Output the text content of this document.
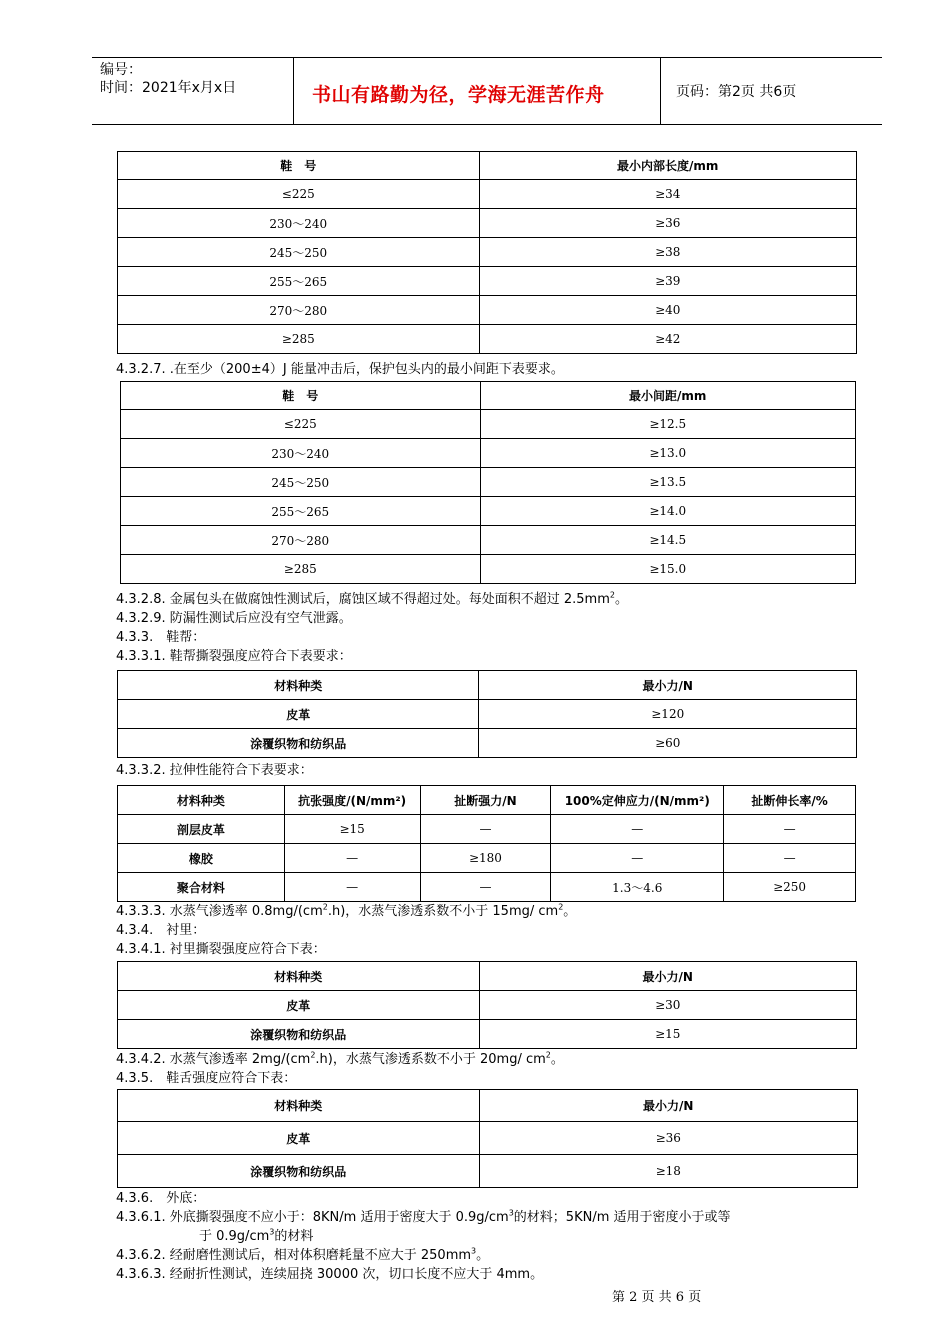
编号：
时间：2021年x月x日	书山有路勤为径，学海无涯苦作舟	页码：第2页 共6页
鞋　号	最小内部长度/mm
≤225	≥34
230～240	≥36
245～250	≥38
255～265	≥39
270～280	≥40
≥285	≥42
4.3.2.7. .在至少（200±4）J 能量冲击后，保护包头内的最小间距下表要求。
鞋　号	最小间距/mm
≤225	≥12.5
230～240	≥13.0
245～250	≥13.5
255～265	≥14.0
270～280	≥14.5
≥285	≥15.0
4.3.2.8. 金属包头在做腐蚀性测试后，腐蚀区域不得超过处。每处面积不超过 $2.5mm^2$。
4.3.2.9. 防漏性测试后应没有空气泄露。
4.3.3.　鞋帮：
4.3.3.1. 鞋帮撕裂强度应符合下表要求：
材料种类	最小力/N
皮革	≥120
涂覆织物和纺织品	≥60
4.3.3.2. 拉伸性能符合下表要求：
材料种类	抗张强度/(N/mm²)	扯断强力/N	100%定伸应力/(N/mm²)	扯断伸长率/%
剖层皮革	≥15	—	—	—
橡胶	—	≥180	—	—
聚合材料	—	—	1.3～4.6	≥250
4.3.3.3. 水蒸气渗透率 $0.8mg/(cm^2.h)$，水蒸气渗透系数不小于 15mg/ $cm^2$。
4.3.4.　衬里：
4.3.4.1. 衬里撕裂强度应符合下表：
材料种类	最小力/N
皮革	≥30
涂覆织物和纺织品	≥15
4.3.4.2. 水蒸气渗透率 $2mg/(cm^2.h)$，水蒸气渗透系数不小于 20mg/ $cm^2$。
4.3.5.　鞋舌强度应符合下表：
材料种类	最小力/N
皮革	≥36
涂覆织物和纺织品	≥18
4.3.6.　外底：
4.3.6.1. 外底撕裂强度不应小于：8KN/m 适用于密度大于 $0.9g/cm^3$的材料；5KN/m 适用于密度小于或等
于 $0.9g/cm^3$的材料
4.3.6.2. 经耐磨性测试后，相对体积磨耗量不应大于 $250mm^3$。
4.3.6.3. 经耐折性测试，连续屈挠 30000 次，切口长度不应大于 4mm。
第 2 页 共 6 页
